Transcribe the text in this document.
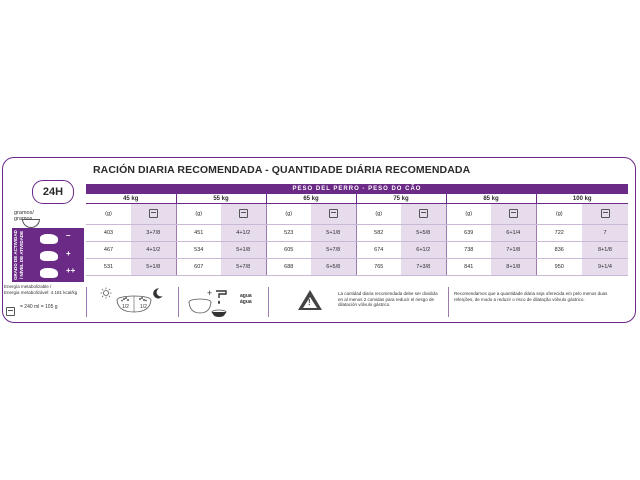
RACIÓN DIARIA RECOMENDADA - QUANTIDADE DIÁRIA RECOMENDADA
24H
gramos/
gramos
PESO DEL PERRO - PESO DO CÃO
45 kg		55 kg		65 kg		75 kg		85 kg		100 kg	
(g)		(g)		(g)		(g)		(g)		(g)	
403	3+7/8	451	4+1/2	523	5+1/8	582	5+5/8	639	6+1/4	722	7
467	4+1/2	534	5+1/8	605	5+7/8	674	6+1/2	738	7+1/8	836	8+1/8
531	5+1/8	607	5+7/8	688	6+5/8	765	7+3/8	841	8+1/8	950	9+1/4
GRADO DE ACTIVIDAD / NÍVEL DE ATIVIDADE	–
+
++
Energía metabolizable /
Energia metabolizável: 4.181 kcal/kg
= 240 ml = 105 g	1/2 1/2
+	agua
água	!
La cantidad diaria recomendada debe ser dividida en al menos 2 comidas para reducir el riesgo de dilatación vólvulo gástrico.
Recomendamos que a quantidade diária seja oferecida em pelo menos duas refeições, de modo a reduzir o risco de dilatação vólvulo gástrico.
